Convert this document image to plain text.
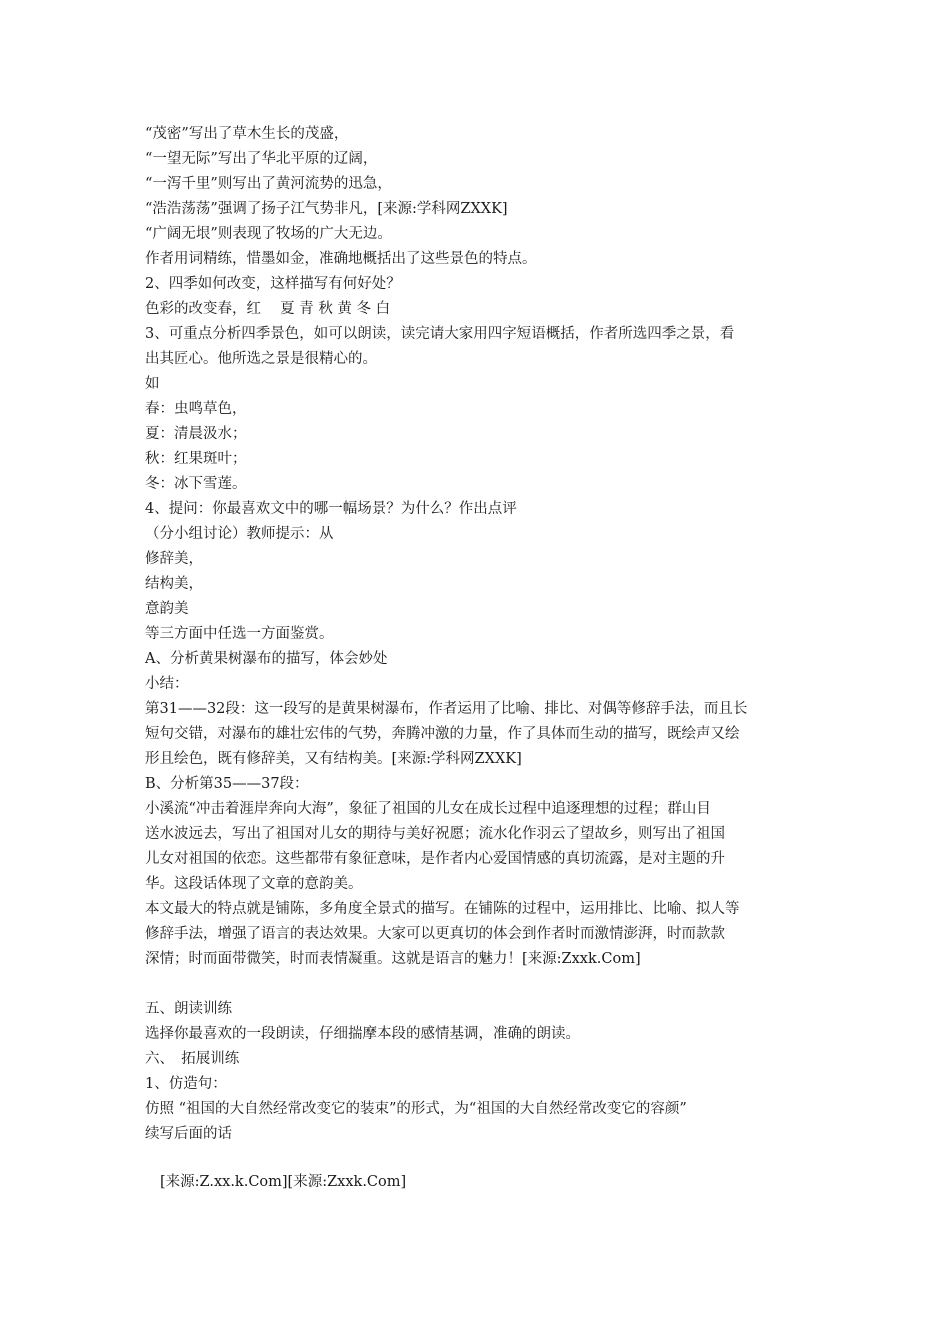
“茂密”写出了草木生长的茂盛，
“一望无际”写出了华北平原的辽阔，
“一泻千里”则写出了黄河流势的迅急，
“浩浩荡荡”强调了扬子江气势非凡，[来源:学科网ZXXK]
“广阔无垠”则表现了牧场的广大无边。
作者用词精练，惜墨如金，准确地概括出了这些景色的特点。
2、四季如何改变，这样描写有何好处？
色彩的改变春，红　 夏 青 秋 黄 冬 白
3、可重点分析四季景色，如可以朗读，读完请大家用四字短语概括，作者所选四季之景，看
出其匠心。他所选之景是很精心的。
如
春：虫鸣草色，
夏：清晨汲水；
秋：红果斑叶；
冬：冰下雪莲。
4、提问：你最喜欢文中的哪一幅场景？为什么？作出点评
（分小组讨论）教师提示：从
修辞美，
结构美，
意韵美
等三方面中任选一方面鉴赏。
A、分析黄果树瀑布的描写，体会妙处
小结：
第31——32段：这一段写的是黄果树瀑布，作者运用了比喻、排比、对偶等修辞手法，而且长
短句交错，对瀑布的雄壮宏伟的气势，奔腾冲激的力量，作了具体而生动的描写，既绘声又绘
形且绘色，既有修辞美，又有结构美。[来源:学科网ZXXK]
B、分析第35——37段：
小溪流“冲击着涯岸奔向大海”，象征了祖国的儿女在成长过程中追逐理想的过程；群山目
送水波远去，写出了祖国对儿女的期待与美好祝愿；流水化作羽云了望故乡，则写出了祖国
儿女对祖国的依恋。这些都带有象征意味，是作者内心爱国情感的真切流露，是对主题的升
华。这段话体现了文章的意韵美。
本文最大的特点就是铺陈，多角度全景式的描写。在铺陈的过程中，运用排比、比喻、拟人等
修辞手法，增强了语言的表达效果。大家可以更真切的体会到作者时而激情澎湃，时而款款
深情；时而面带微笑，时而表情凝重。这就是语言的魅力！[来源:Zxxk.Com]
五、朗读训练
选择你最喜欢的一段朗读，仔细揣摩本段的感情基调，准确的朗读。
六、　拓展训练
1、仿造句：
仿照 “祖国的大自然经常改变它的装束”的形式，为“祖国的大自然经常改变它的容颜”
续写后面的话
[来源:Z.xx.k.Com][来源:Zxxk.Com]
